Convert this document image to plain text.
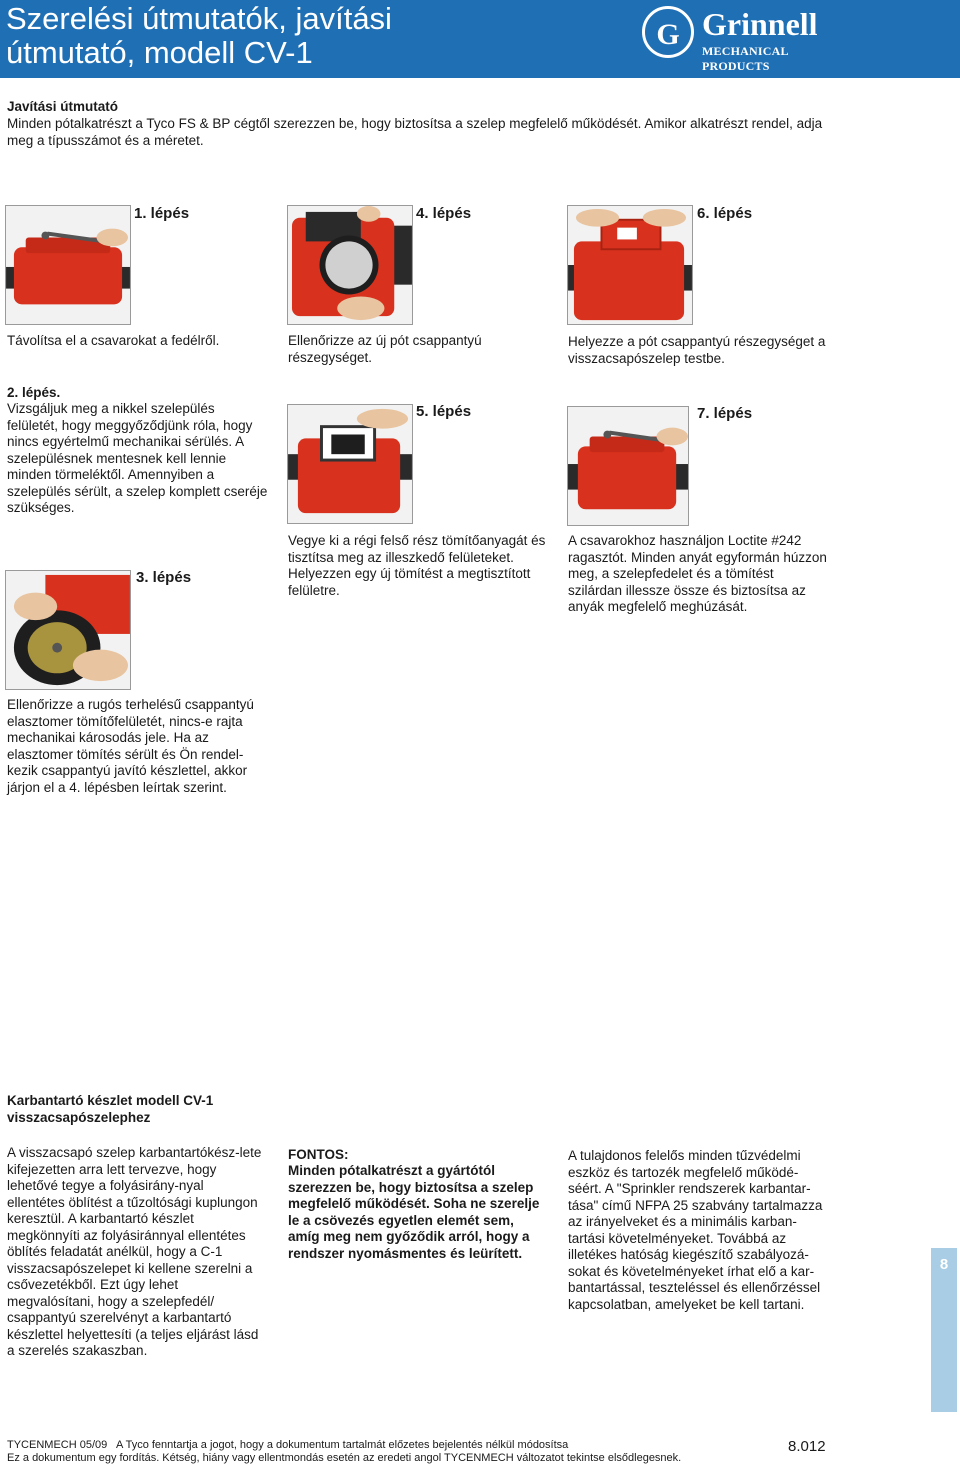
Szerelési útmutatók, javítási
útmutató, modell CV-1
G Grinnell
MECHANICAL PRODUCTS
Javítási útmutató
Minden pótalkatrészt a Tyco FS & BP cégtől szerezzen be, hogy biztosítsa a szelep megfelelő működését. Amikor alkatrészt rendel, adja meg a típusszámot és a méretet.
1. lépés
Távolítsa el a csavarokat a fedélről.
2. lépés.
Vizsgáljuk meg a nikkel szelepülés felületét, hogy meggyőződjünk róla, hogy nincs egyértelmű mechanikai sérülés. A szelepülésnek mentesnek kell lennie minden törmeléktől. Amennyiben a szelepülés sérült, a szelep komplett cseréje szükséges.
3. lépés
Ellenőrizze a rugós terhelésű csappantyú elasztomer tömítőfelületét, nincs-e rajta mechanikai károsodás jele. Ha az elasztomer tömítés sérült és Ön rendel-kezik csappantyú javító készlettel, akkor járjon el a 4. lépésben leírtak szerint.
4. lépés
Ellenőrizze az új pót csappantyú részegységet.
5. lépés
Vegye ki a régi felső rész tömítőanyagát és tisztítsa meg az illeszkedő felületeket. Helyezzen egy új tömítést a megtisztított felületre.
6. lépés
Helyezze a pót csappantyú részegységet a visszacsapószelep testbe.
7. lépés
A csavarokhoz használjon Loctite #242 ragasztót. Minden anyát egyformán húzzon meg, a szelepfedelet és a tömítést szilárdan illessze össze és biztosítsa az anyák megfelelő meghúzását.
Karbantartó készlet modell CV-1
visszacsapószelephez
A visszacsapó szelep karbantartókész-lete kifejezetten arra lett tervezve, hogy lehetővé tegye a folyásirány-nyal ellentétes öblítést a tűzoltósági kuplungon keresztül. A karbantartó készlet megkönnyíti az folyásiránnyal ellentétes öblítés feladatát anélkül, hogy a C-1 visszacsapószelepet ki kellene szerelni a csővezetékből. Ezt úgy lehet megvalósítani, hogy a szelepfedél/ csappantyú szerelvényt a karbantartó készlettel helyettesíti (a teljes eljárást lásd a szerelés szakaszban.
FONTOS:
Minden pótalkatrészt a gyártótól szerezzen be, hogy biztosítsa a szelep megfelelő működését. Soha ne szerelje le a csövezés egyetlen elemét sem, amíg meg nem győződik arról, hogy a rendszer nyomásmentes és leürített.
A tulajdonos felelős minden tűzvédelmi eszköz és tartozék megfelelő működé-séért. A "Sprinkler rendszerek karbantar-tása" című NFPA 25 szabvány tartalmazza az irányelveket és a minimális karban-tartási követelményeket. Továbbá az illetékes hatóság kiegészítő szabályozá-sokat és követelményeket írhat elő a kar-bantartással, teszteléssel és ellenőrzéssel kapcsolatban, amelyeket be kell tartani.
8
TYCENMECH 05/09 A Tyco fenntartja a jogot, hogy a dokumentum tartalmát előzetes bejelentés nélkül módosítsa
Ez a dokumentum egy fordítás. Kétség, hiány vagy ellentmondás esetén az eredeti angol TYCENMECH változatot tekintse elsődlegesnek.
8.012
